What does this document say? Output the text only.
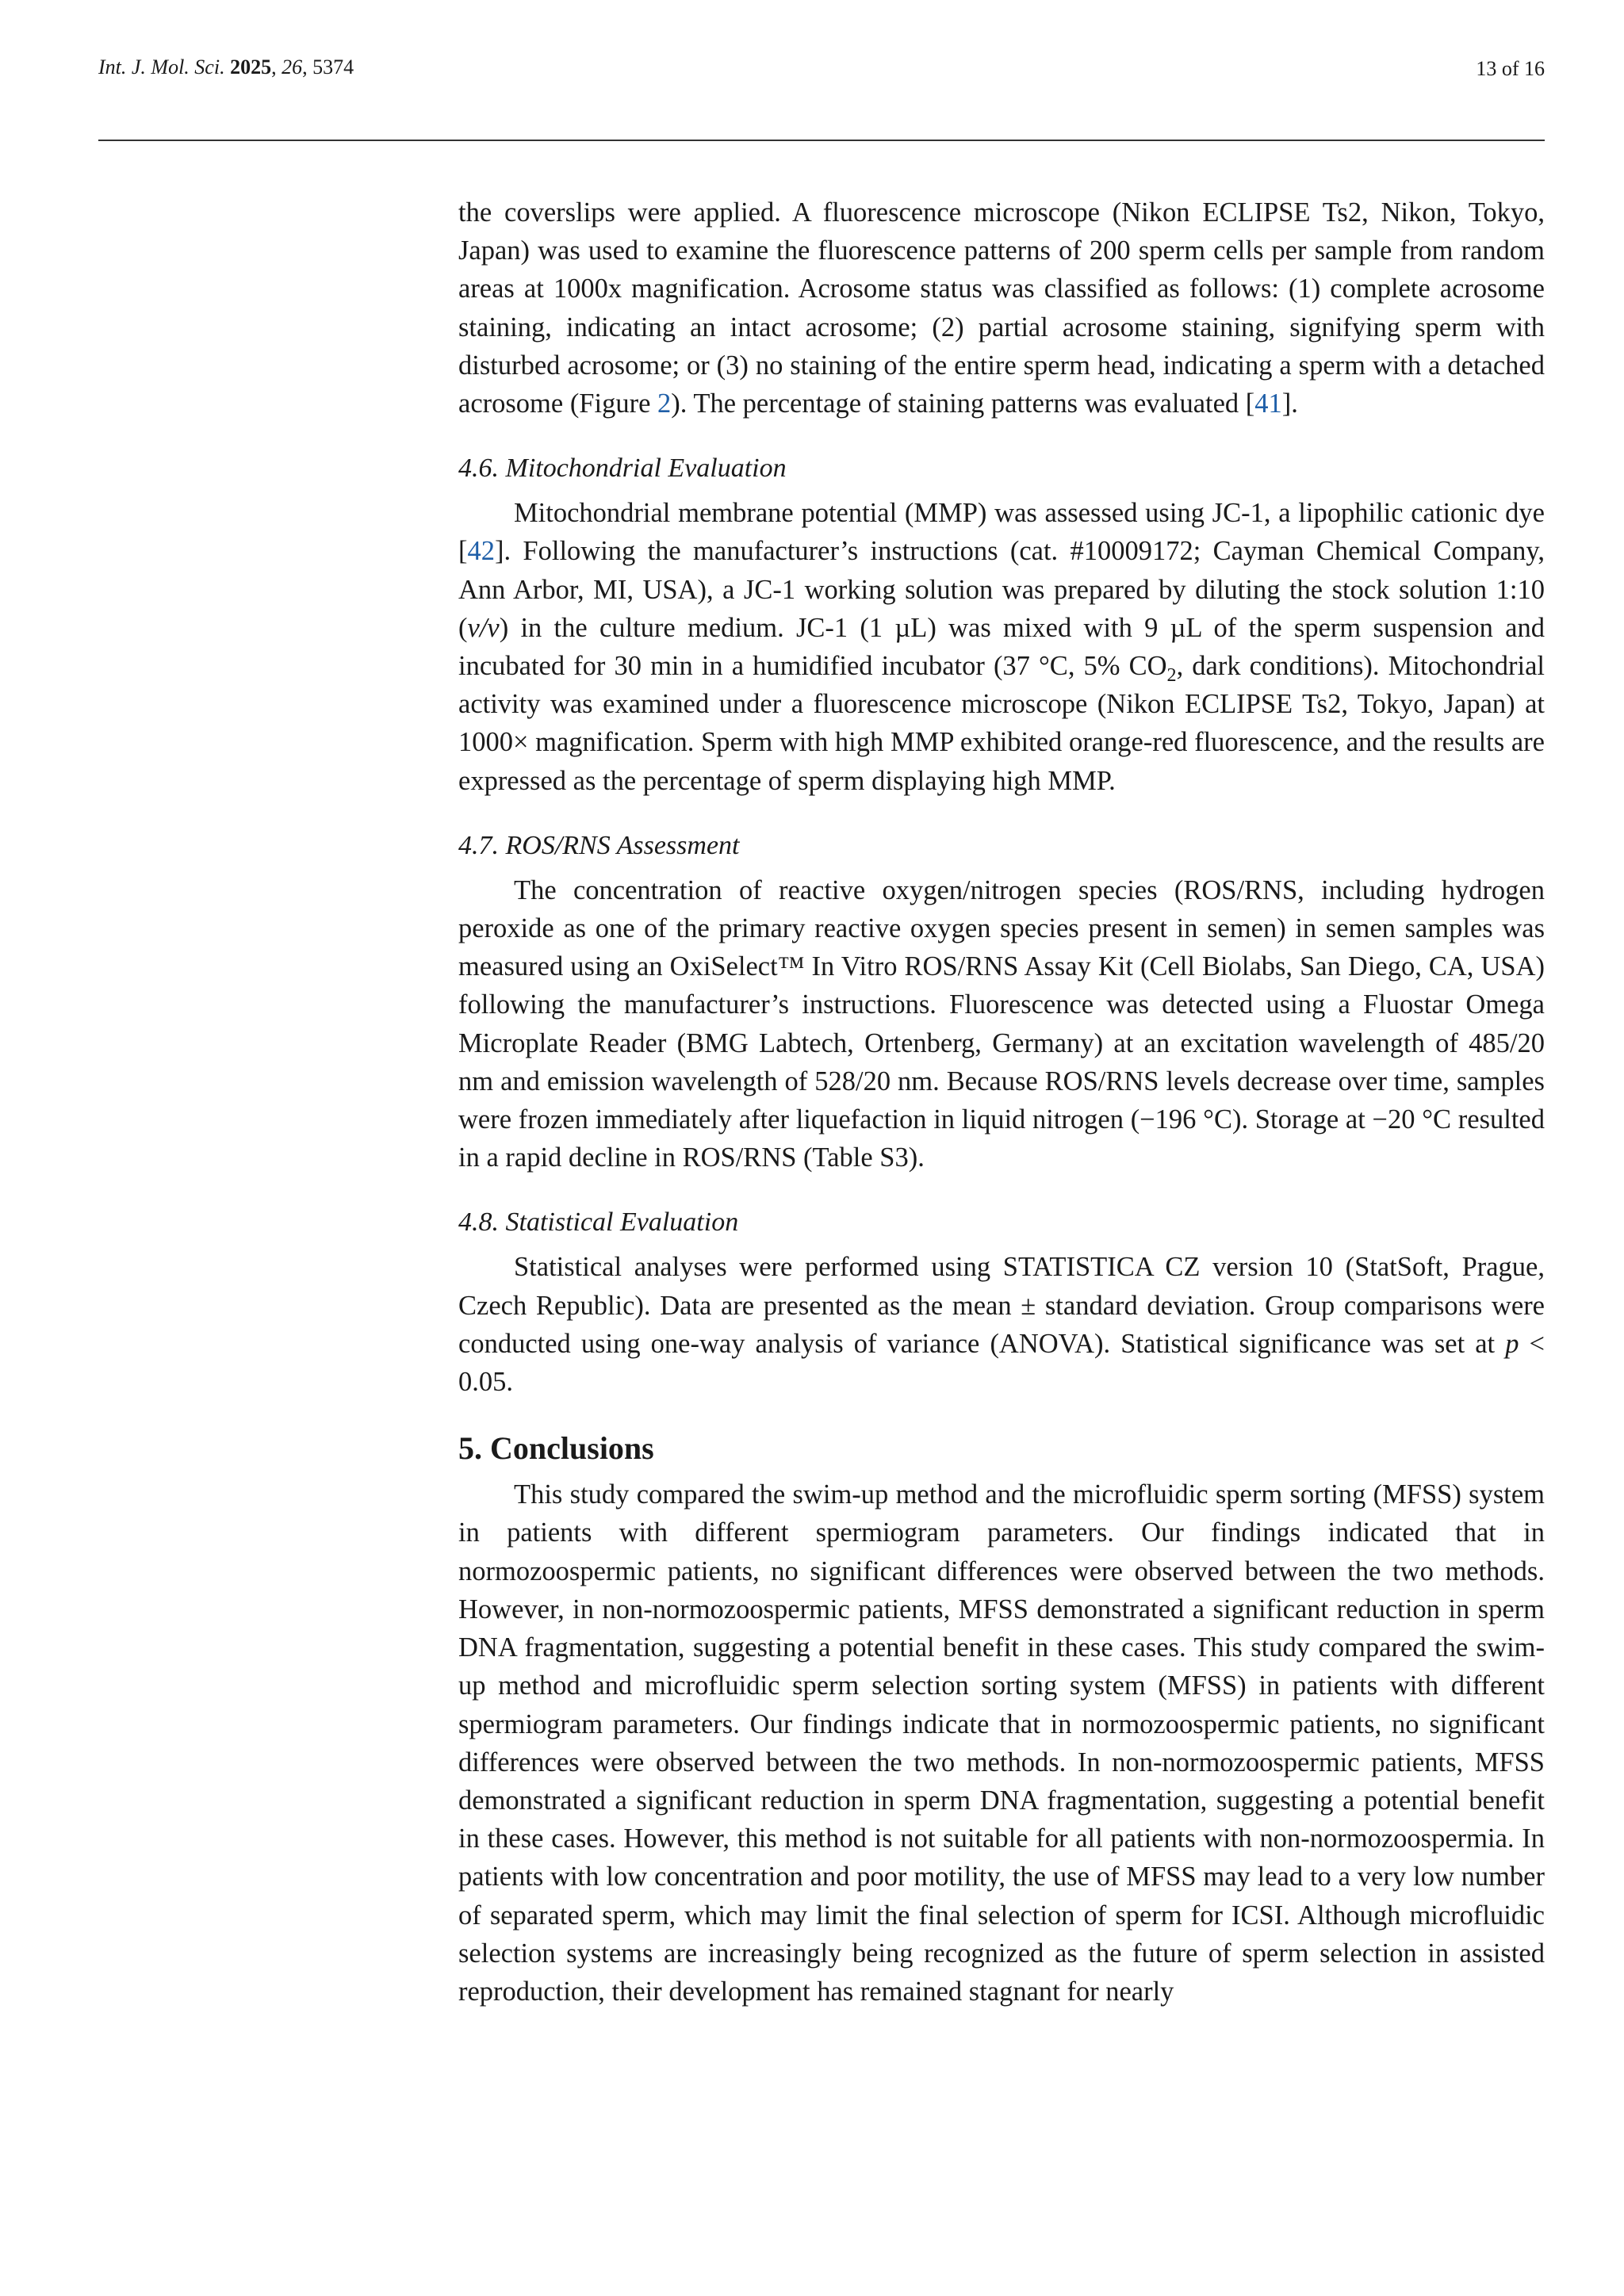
Int. J. Mol. Sci. 2025, 26, 5374	13 of 16

the coverslips were applied. A fluorescence microscope (Nikon ECLIPSE Ts2, Nikon, Tokyo, Japan) was used to examine the fluorescence patterns of 200 sperm cells per sample from random areas at 1000x magnification. Acrosome status was classified as follows: (1) complete acrosome staining, indicating an intact acrosome; (2) partial acrosome staining, signifying sperm with disturbed acrosome; or (3) no staining of the entire sperm head, indicating a sperm with a detached acrosome (Figure 2). The percentage of staining patterns was evaluated [41].

4.6. Mitochondrial Evaluation

Mitochondrial membrane potential (MMP) was assessed using JC-1, a lipophilic cationic dye [42]. Following the manufacturer’s instructions (cat. #10009172; Cayman Chemical Company, Ann Arbor, MI, USA), a JC-1 working solution was prepared by diluting the stock solution 1:10 (v/v) in the culture medium. JC-1 (1 µL) was mixed with 9 µL of the sperm suspension and incubated for 30 min in a humidified incubator (37 °C, 5% $CO_2$, dark conditions). Mitochondrial activity was examined under a fluorescence microscope (Nikon ECLIPSE Ts2, Tokyo, Japan) at 1000× magnification. Sperm with high MMP exhibited orange-red fluorescence, and the results are expressed as the percentage of sperm displaying high MMP.

4.7. ROS/RNS Assessment

The concentration of reactive oxygen/nitrogen species (ROS/RNS, including hydrogen peroxide as one of the primary reactive oxygen species present in semen) in semen samples was measured using an OxiSelect™ In Vitro ROS/RNS Assay Kit (Cell Biolabs, San Diego, CA, USA) following the manufacturer’s instructions. Fluorescence was detected using a Fluostar Omega Microplate Reader (BMG Labtech, Ortenberg, Germany) at an excitation wavelength of 485/20 nm and emission wavelength of 528/20 nm. Because ROS/RNS levels decrease over time, samples were frozen immediately after liquefaction in liquid nitrogen (−196 °C). Storage at −20 °C resulted in a rapid decline in ROS/RNS (Table S3).

4.8. Statistical Evaluation

Statistical analyses were performed using STATISTICA CZ version 10 (StatSoft, Prague, Czech Republic). Data are presented as the mean ± standard deviation. Group comparisons were conducted using one-way analysis of variance (ANOVA). Statistical significance was set at p < 0.05.

5. Conclusions

This study compared the swim-up method and the microfluidic sperm sorting (MFSS) system in patients with different spermiogram parameters. Our findings indicated that in normozoospermic patients, no significant differences were observed between the two methods. However, in non-normozoospermic patients, MFSS demonstrated a significant reduction in sperm DNA fragmentation, suggesting a potential benefit in these cases. This study compared the swim-up method and microfluidic sperm selection sorting system (MFSS) in patients with different spermiogram parameters. Our findings indicate that in normozoospermic patients, no significant differences were observed between the two methods. In non-normozoospermic patients, MFSS demonstrated a significant reduction in sperm DNA fragmentation, suggesting a potential benefit in these cases. However, this method is not suitable for all patients with non-normozoospermia. In patients with low concentration and poor motility, the use of MFSS may lead to a very low number of separated sperm, which may limit the final selection of sperm for ICSI. Although microfluidic selection systems are increasingly being recognized as the future of sperm selection in assisted reproduction, their development has remained stagnant for nearly
